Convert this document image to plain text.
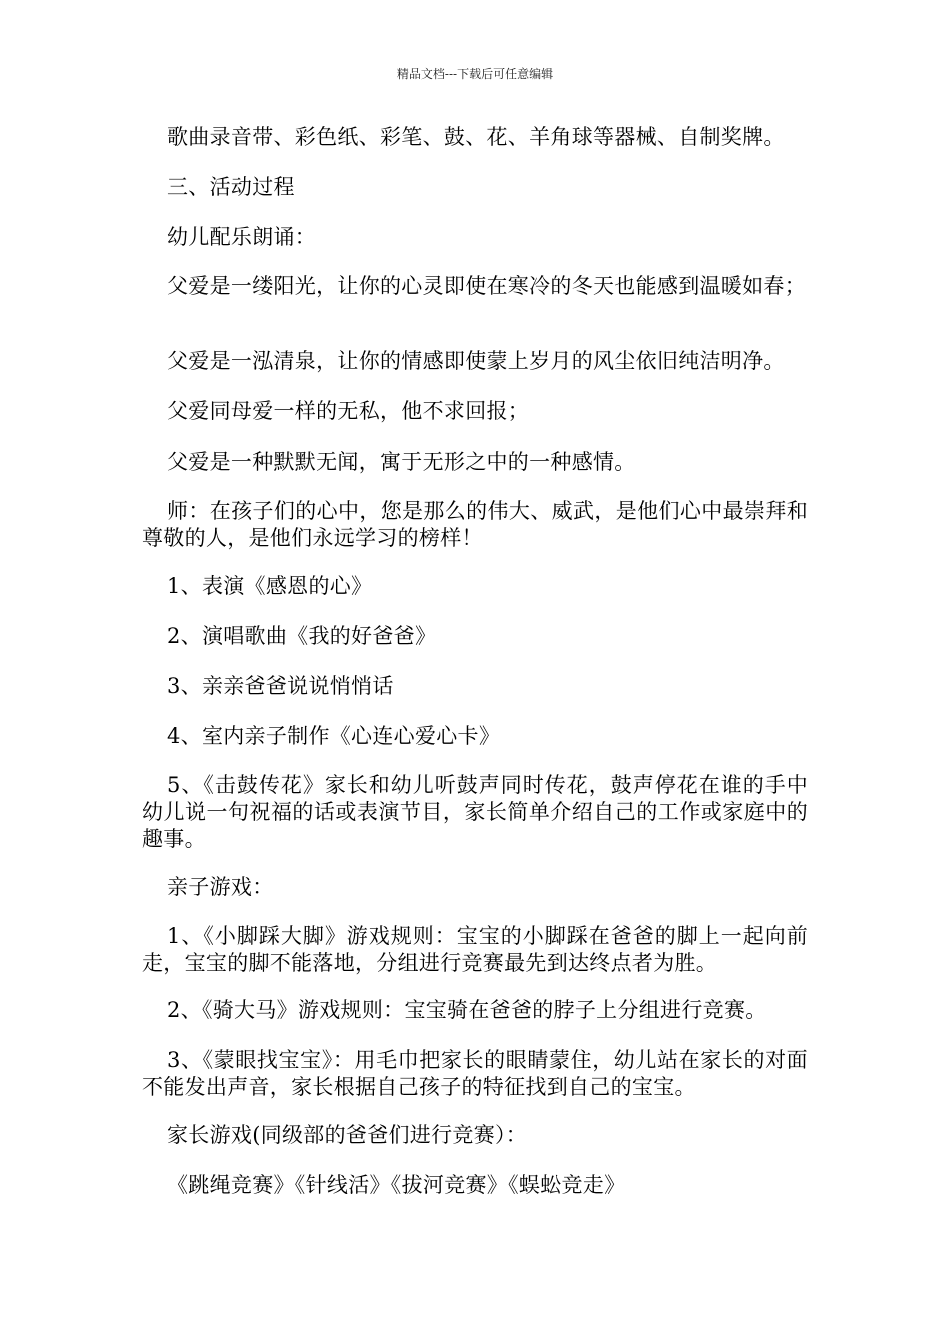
精品文档---下载后可任意编辑
歌曲录音带、彩色纸、彩笔、鼓、花、羊角球等器械、自制奖牌。
三、活动过程
幼儿配乐朗诵：
父爱是一缕阳光，让你的心灵即使在寒冷的冬天也能感到温暖如春；
父爱是一泓清泉，让你的情感即使蒙上岁月的风尘依旧纯洁明净。
父爱同母爱一样的无私，他不求回报；
父爱是一种默默无闻，寓于无形之中的一种感情。
师：在孩子们的心中，您是那么的伟大、威武，是他们心中最崇拜和尊敬的人，是他们永远学习的榜样！
1、表演《感恩的心》
2、演唱歌曲《我的好爸爸》
3、亲亲爸爸说说悄悄话
4、室内亲子制作《心连心爱心卡》
5、《击鼓传花》家长和幼儿听鼓声同时传花，鼓声停花在谁的手中幼儿说一句祝福的话或表演节目，家长简单介绍自己的工作或家庭中的趣事。
亲子游戏：
1、《小脚踩大脚》游戏规则：宝宝的小脚踩在爸爸的脚上一起向前走，宝宝的脚不能落地，分组进行竞赛最先到达终点者为胜。
2、《骑大马》游戏规则：宝宝骑在爸爸的脖子上分组进行竞赛。
3、《蒙眼找宝宝》：用毛巾把家长的眼睛蒙住，幼儿站在家长的对面不能发出声音，家长根据自己孩子的特征找到自己的宝宝。
家长游戏(同级部的爸爸们进行竞赛）：
《跳绳竞赛》《针线活》《拔河竞赛》《蜈蚣竞走》
